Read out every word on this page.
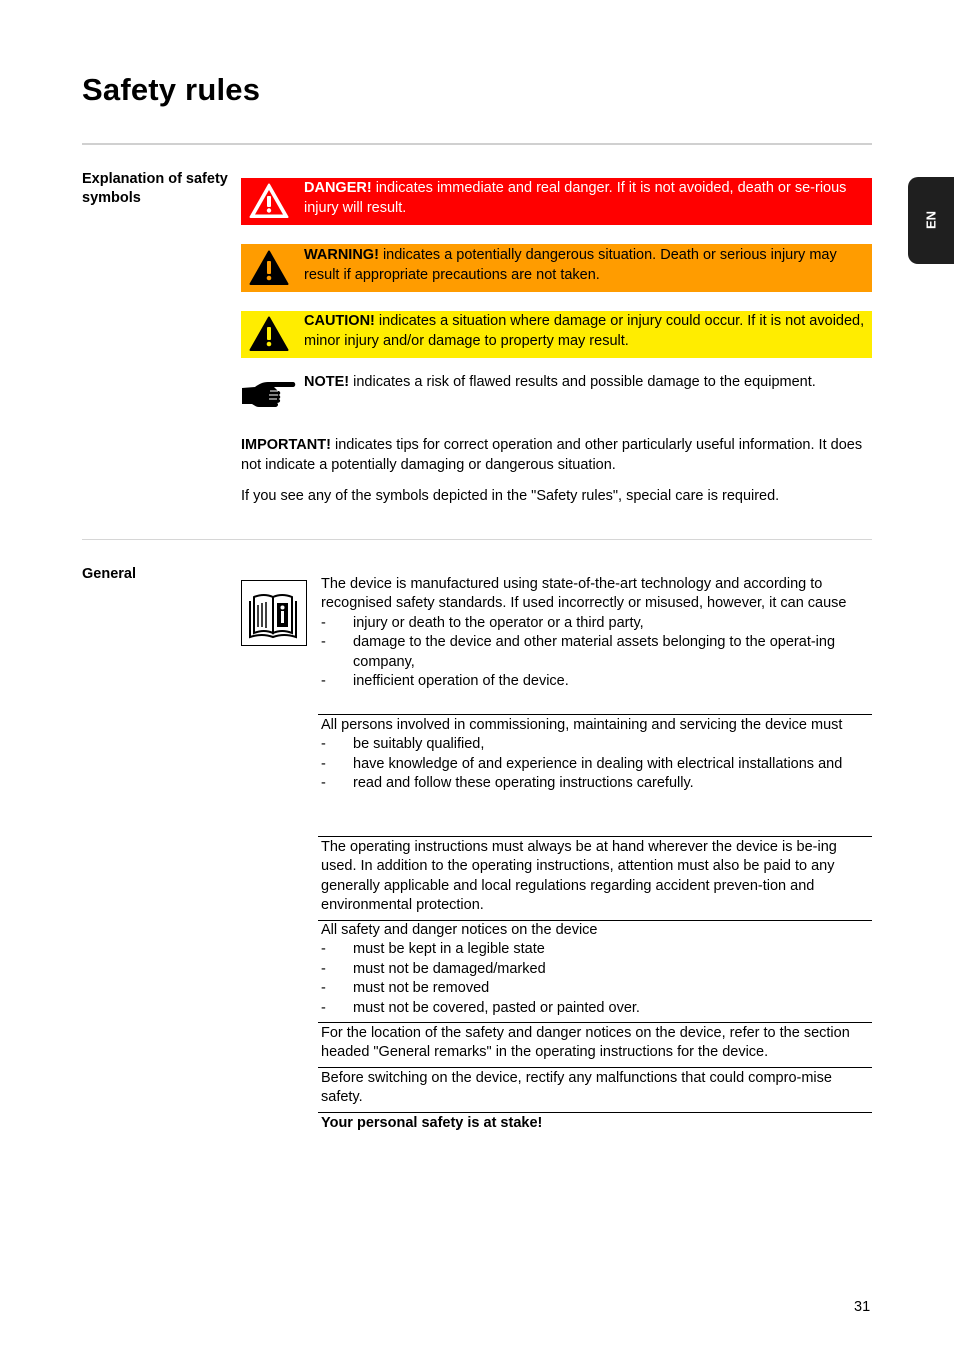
Safety rules
EN
Explanation of safety symbols
DANGER! indicates immediate and real danger. If it is not avoided, death or se-rious injury will result.
WARNING! indicates a potentially dangerous situation. Death or serious injury may result if appropriate precautions are not taken.
CAUTION! indicates a situation where damage or injury could occur. If it is not avoided, minor injury and/or damage to property may result.
NOTE! indicates a risk of flawed results and possible damage to the equipment.

IMPORTANT! indicates tips for correct operation and other particularly useful information. It does not indicate a potentially damaging or dangerous situation.

If you see any of the symbols depicted in the "Safety rules", special care is required.

General
The device is manufactured using state-of-the-art technology and according to recognised safety standards. If used incorrectly or misused, however, it can cause
- injury or death to the operator or a third party,
- damage to the device and other material assets belonging to the operat-ing company,
- inefficient operation of the device.
All persons involved in commissioning, maintaining and servicing the device must
- be suitably qualified,
- have knowledge of and experience in dealing with electrical installations and
- read and follow these operating instructions carefully.
The operating instructions must always be at hand wherever the device is be-ing used. In addition to the operating instructions, attention must also be paid to any generally applicable and local regulations regarding accident preven-tion and environmental protection.
All safety and danger notices on the device
- must be kept in a legible state
- must not be damaged/marked
- must not be removed
- must not be covered, pasted or painted over.
For the location of the safety and danger notices on the device, refer to the section headed "General remarks" in the operating instructions for the device.
Before switching on the device, rectify any malfunctions that could compro-mise safety.
Your personal safety is at stake!
31
